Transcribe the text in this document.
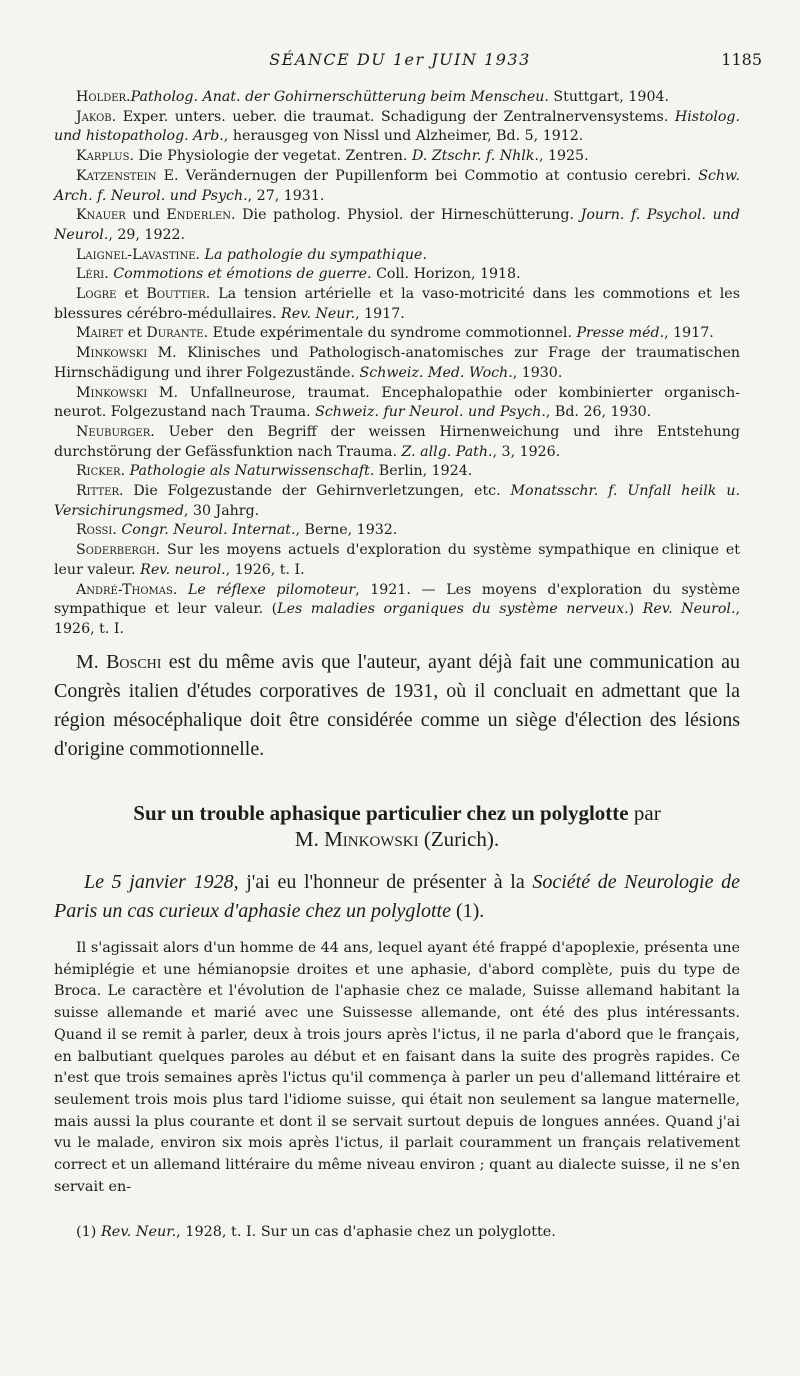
SÉANCE DU 1er JUIN 1933	1185

Holder.Patholog. Anat. der Gohirnerschütterung beim Menscheu. Stuttgart, 1904.

Jakob. Exper. unters. ueber. die traumat. Schadigung der Zentralnervensystems. Histolog. und histopatholog. Arb., herausgeg von Nissl und Alzheimer, Bd. 5, 1912.

Karplus. Die Physiologie der vegetat. Zentren. D. Ztschr. f. Nhlk., 1925.

Katzenstein E. Verändernugen der Pupillenform bei Commotio at contusio cerebri. Schw. Arch. f. Neurol. und Psych., 27, 1931.

Knauer und Enderlen. Die patholog. Physiol. der Hirneschütterung. Journ. f. Psychol. und Neurol., 29, 1922.

Laignel-Lavastine. La pathologie du sympathique.

Léri. Commotions et émotions de guerre. Coll. Horizon, 1918.

Logre et Bouttier. La tension artérielle et la vaso-motricité dans les commotions et les blessures cérébro-médullaires. Rev. Neur., 1917.

Mairet et Durante. Etude expérimentale du syndrome commotionnel. Presse méd., 1917.

Minkowski M. Klinisches und Pathologisch-anatomisches zur Frage der traumatischen Hirnschädigung und ihrer Folgezustände. Schweiz. Med. Woch., 1930.

Minkowski M. Unfallneurose, traumat. Encephalopathie oder kombinierter organisch-neurot. Folgezustand nach Trauma. Schweiz. fur Neurol. und Psych., Bd. 26, 1930.

Neuburger. Ueber den Begriff der weissen Hirnenweichung und ihre Entstehung durchstörung der Gefässfunktion nach Trauma. Z. allg. Path., 3, 1926.

Ricker. Pathologie als Naturwissenschaft. Berlin, 1924.

Ritter. Die Folgezustande der Gehirnverletzungen, etc. Monatsschr. f. Unfall heilk u. Versichirungsmed, 30 Jahrg.

Rossi. Congr. Neurol. Internat., Berne, 1932.

Soderbergh. Sur les moyens actuels d'exploration du système sympathique en clinique et leur valeur. Rev. neurol., 1926, t. I.

André-Thomas. Le réflexe pilomoteur, 1921. — Les moyens d'exploration du système sympathique et leur valeur. (Les maladies organiques du système nerveux.) Rev. Neurol., 1926, t. I.

M. Boschi est du même avis que l'auteur, ayant déjà fait une communication au Congrès italien d'études corporatives de 1931, où il concluait en admettant que la région mésocéphalique doit être considérée comme un siège d'élection des lésions d'origine commotionnelle.

Sur un trouble aphasique particulier chez un polyglotte par
M. Minkowski (Zurich).

Le 5 janvier 1928, j'ai eu l'honneur de présenter à la Société de Neurologie de Paris un cas curieux d'aphasie chez un polyglotte (1).

Il s'agissait alors d'un homme de 44 ans, lequel ayant été frappé d'apoplexie, présenta une hémiplégie et une hémianopsie droites et une aphasie, d'abord complète, puis du type de Broca. Le caractère et l'évolution de l'aphasie chez ce malade, Suisse allemand habitant la suisse allemande et marié avec une Suissesse allemande, ont été des plus intéressants. Quand il se remit à parler, deux à trois jours après l'ictus, il ne parla d'abord que le français, en balbutiant quelques paroles au début et en faisant dans la suite des progrès rapides. Ce n'est que trois semaines après l'ictus qu'il commença à parler un peu d'allemand littéraire et seulement trois mois plus tard l'idiome suisse, qui était non seulement sa langue maternelle, mais aussi la plus courante et dont il se servait surtout depuis de longues années. Quand j'ai vu le malade, environ six mois après l'ictus, il parlait couramment un français relativement correct et un allemand littéraire du même niveau environ ; quant au dialecte suisse, il ne s'en servait en-

(1) Rev. Neur., 1928, t. I. Sur un cas d'aphasie chez un polyglotte.
